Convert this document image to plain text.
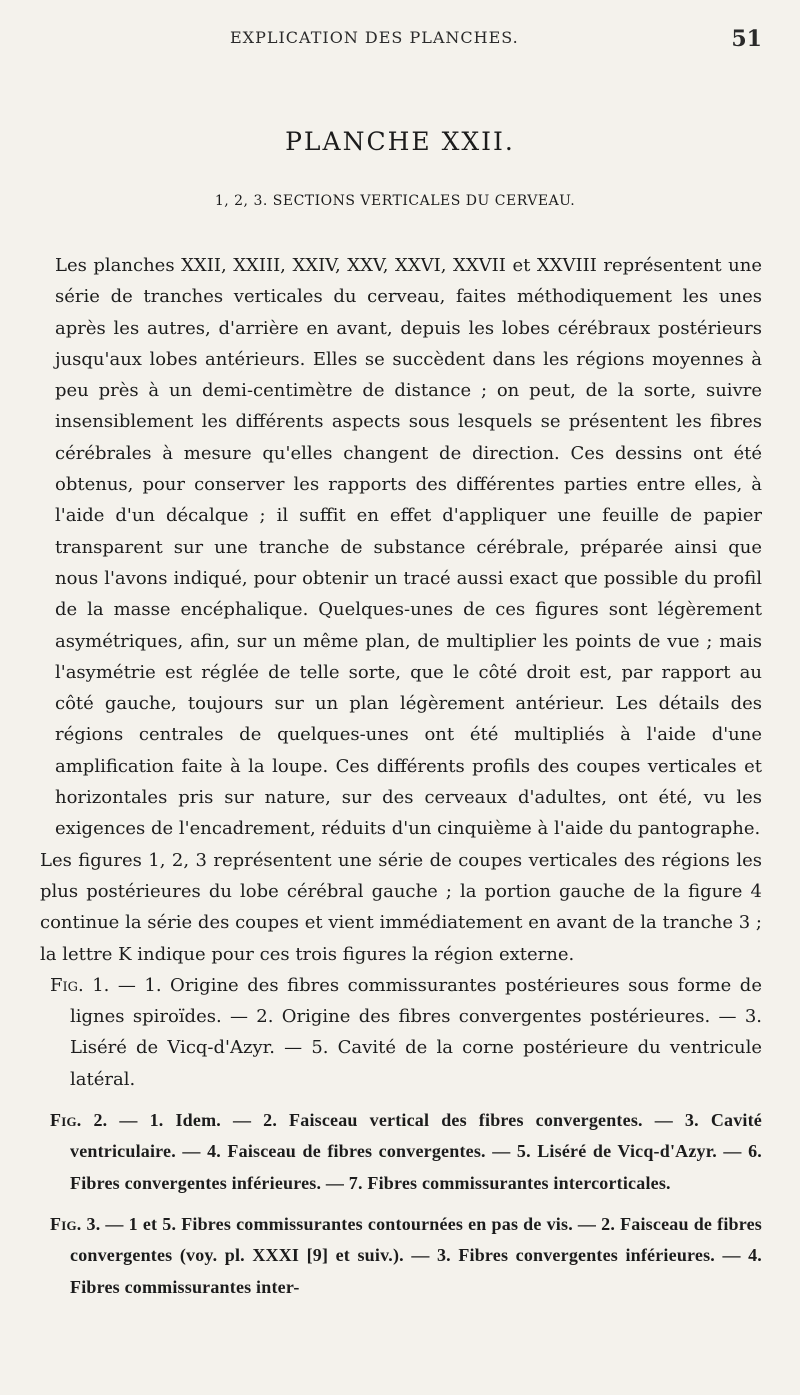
EXPLICATION DES PLANCHES.	51
PLANCHE XXII.
1, 2, 3. SECTIONS VERTICALES DU CERVEAU.

Les planches XXII, XXIII, XXIV, XXV, XXVI, XXVII et XXVIII représentent une série de tranches verticales du cerveau, faites méthodiquement les unes après les autres, d'arrière en avant, depuis les lobes cérébraux postérieurs jusqu'aux lobes antérieurs. Elles se succèdent dans les régions moyennes à peu près à un demi-centimètre de distance ; on peut, de la sorte, suivre insensiblement les différents aspects sous lesquels se présentent les fibres cérébrales à mesure qu'elles changent de direction. Ces dessins ont été obtenus, pour conserver les rapports des différentes parties entre elles, à l'aide d'un décalque ; il suffit en effet d'appliquer une feuille de papier transparent sur une tranche de substance cérébrale, préparée ainsi que nous l'avons indiqué, pour obtenir un tracé aussi exact que possible du profil de la masse encéphalique. Quelques-unes de ces figures sont légèrement asymétriques, afin, sur un même plan, de multiplier les points de vue ; mais l'asymétrie est réglée de telle sorte, que le côté droit est, par rapport au côté gauche, toujours sur un plan légèrement antérieur. Les détails des régions centrales de quelques-unes ont été multipliés à l'aide d'une amplification faite à la loupe. Ces différents profils des coupes verticales et horizontales pris sur nature, sur des cerveaux d'adultes, ont été, vu les exigences de l'encadrement, réduits d'un cinquième à l'aide du pantographe.

Les figures 1, 2, 3 représentent une série de coupes verticales des régions les plus postérieures du lobe cérébral gauche ; la portion gauche de la figure 4 continue la série des coupes et vient immédiatement en avant de la tranche 3 ; la lettre K indique pour ces trois figures la région externe.

Fig. 1. — 1. Origine des fibres commissurantes postérieures sous forme de lignes spiroïdes. — 2. Origine des fibres convergentes postérieures. — 3. Liséré de Vicq-d'Azyr. — 5. Cavité de la corne postérieure du ventricule latéral.

Fig. 2. — 1. Idem. — 2. Faisceau vertical des fibres convergentes. — 3. Cavité ventriculaire. — 4. Faisceau de fibres convergentes. — 5. Liséré de Vicq-d'Azyr. — 6. Fibres convergentes inférieures. — 7. Fibres commissurantes intercorticales.

Fig. 3. — 1 et 5. Fibres commissurantes contournées en pas de vis. — 2. Faisceau de fibres convergentes (voy. pl. XXXI [9] et suiv.). — 3. Fibres convergentes inférieures. — 4. Fibres commissurantes inter-
